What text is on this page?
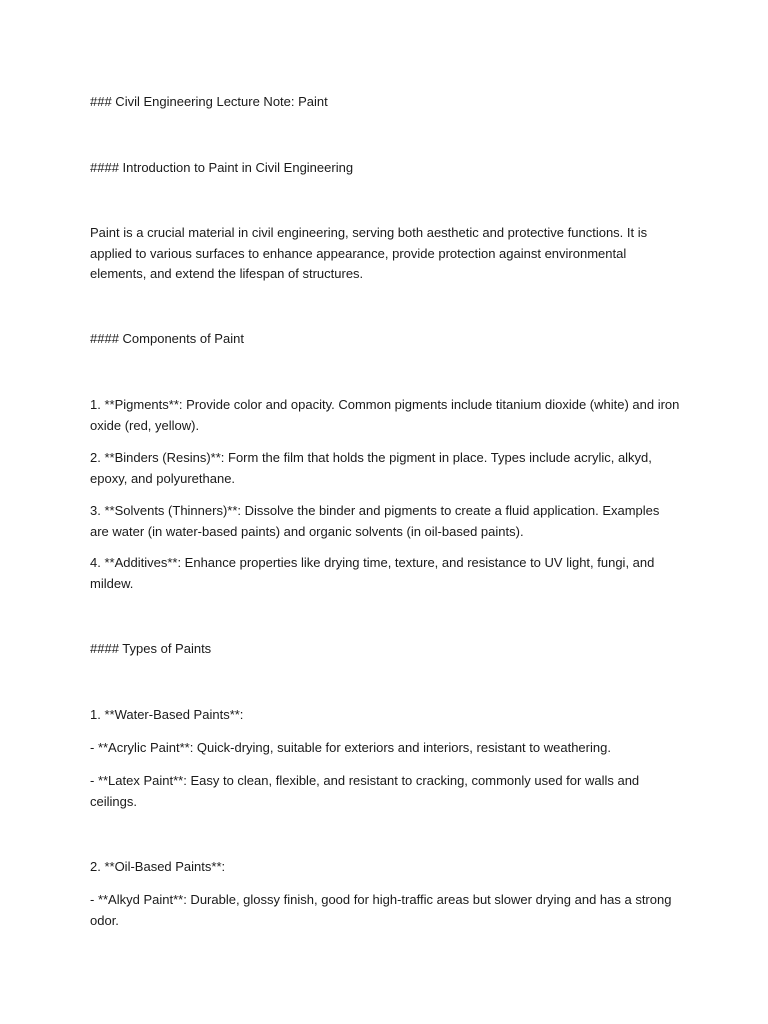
### Civil Engineering Lecture Note: Paint

#### Introduction to Paint in Civil Engineering

Paint is a crucial material in civil engineering, serving both aesthetic and protective functions. It is applied to various surfaces to enhance appearance, provide protection against environmental elements, and extend the lifespan of structures.

#### Components of Paint

1. **Pigments**: Provide color and opacity. Common pigments include titanium dioxide (white) and iron oxide (red, yellow).

2. **Binders (Resins)**: Form the film that holds the pigment in place. Types include acrylic, alkyd, epoxy, and polyurethane.

3. **Solvents (Thinners)**: Dissolve the binder and pigments to create a fluid application. Examples are water (in water-based paints) and organic solvents (in oil-based paints).

4. **Additives**: Enhance properties like drying time, texture, and resistance to UV light, fungi, and mildew.

#### Types of Paints

1. **Water-Based Paints**:

- **Acrylic Paint**: Quick-drying, suitable for exteriors and interiors, resistant to weathering.

- **Latex Paint**: Easy to clean, flexible, and resistant to cracking, commonly used for walls and ceilings.

2. **Oil-Based Paints**:

- **Alkyd Paint**: Durable, glossy finish, good for high-traffic areas but slower drying and has a strong odor.
